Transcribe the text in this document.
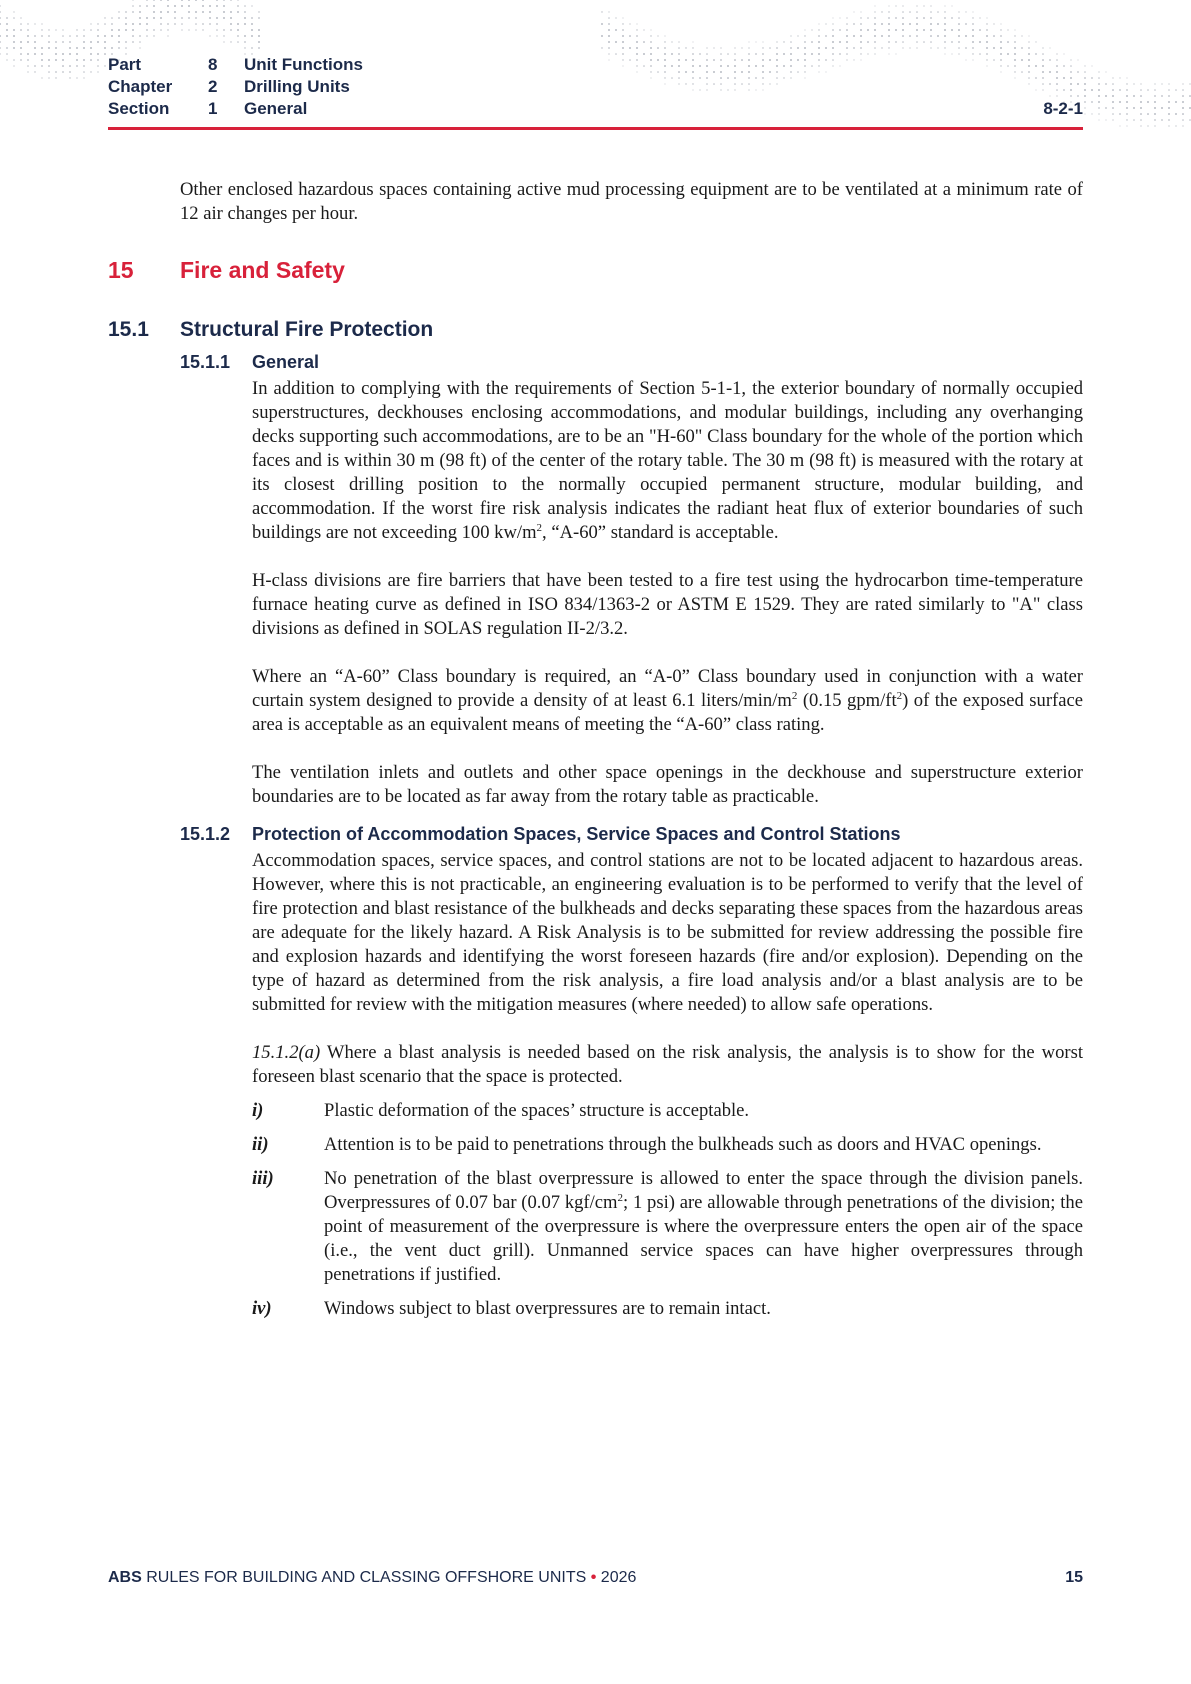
Part	8	Unit Functions
Chapter	2	Drilling Units
Section	1	General	8-2-1

Other enclosed hazardous spaces containing active mud processing equipment are to be ventilated at a minimum rate of 12 air changes per hour.

15	Fire and Safety
15.1	Structural Fire Protection
15.1.1	General

In addition to complying with the requirements of Section 5-1-1, the exterior boundary of normally occupied superstructures, deckhouses enclosing accommodations, and modular buildings, including any overhanging decks supporting such accommodations, are to be an "H-60" Class boundary for the whole of the portion which faces and is within 30 m (98 ft) of the center of the rotary table. The 30 m (98 ft) is measured with the rotary at its closest drilling position to the normally occupied permanent structure, modular building, and accommodation. If the worst fire risk analysis indicates the radiant heat flux of exterior boundaries of such buildings are not exceeding 100 $kw/m^2$, “A-60” standard is acceptable.

H-class divisions are fire barriers that have been tested to a fire test using the hydrocarbon time-temperature furnace heating curve as defined in ISO 834/1363-2 or ASTM E 1529. They are rated similarly to "A" class divisions as defined in SOLAS regulation II-2/3.2.

Where an “A-60” Class boundary is required, an “A-0” Class boundary used in conjunction with a water curtain system designed to provide a density of at least 6.1 liters/$\min/m^2$ (0.15 gpm/$ft^2$) of the exposed surface area is acceptable as an equivalent means of meeting the “A-60” class rating.

The ventilation inlets and outlets and other space openings in the deckhouse and superstructure exterior boundaries are to be located as far away from the rotary table as practicable.

15.1.2	Protection of Accommodation Spaces, Service Spaces and Control Stations

Accommodation spaces, service spaces, and control stations are not to be located adjacent to hazardous areas. However, where this is not practicable, an engineering evaluation is to be performed to verify that the level of fire protection and blast resistance of the bulkheads and decks separating these spaces from the hazardous areas are adequate for the likely hazard. A Risk Analysis is to be submitted for review addressing the possible fire and explosion hazards and identifying the worst foreseen hazards (fire and/or explosion). Depending on the type of hazard as determined from the risk analysis, a fire load analysis and/or a blast analysis are to be submitted for review with the mitigation measures (where needed) to allow safe operations.

15.1.2(a) Where a blast analysis is needed based on the risk analysis, the analysis is to show for the worst foreseen blast scenario that the space is protected.

i)	Plastic deformation of the spaces’ structure is acceptable.
ii)	Attention is to be paid to penetrations through the bulkheads such as doors and HVAC openings.
iii)	No penetration of the blast overpressure is allowed to enter the space through the division panels. Overpressures of 0.07 bar (0.07 kgf/$cm^2$; 1 psi) are allowable through penetrations of the division; the point of measurement of the overpressure is where the overpressure enters the open air of the space (i.e., the vent duct grill). Unmanned service spaces can have higher overpressures through penetrations if justified.
iv)	Windows subject to blast overpressures are to remain intact.
ABS RULES FOR BUILDING AND CLASSING OFFSHORE UNITS • 2026	15
